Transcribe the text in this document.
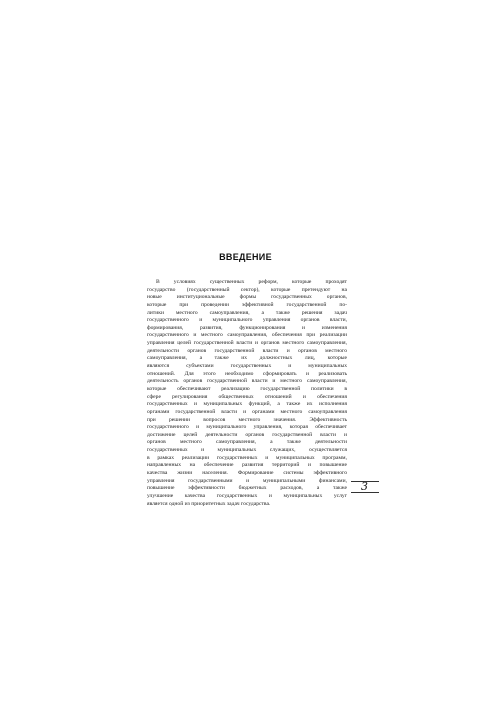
ВВЕДЕНИЕ
В условиях существенных реформ, которые проходят
государство (государственный сектор), которые претендуют на
новые институциональные формы государственных органов,
которые при проведении эффективной государственной по-
литики местного самоуправления, а также решения задач
государственного и муниципального управления органов власти,
формирования, развития, функционирования и изменения
государственного и местного самоуправления, обеспечения при реализации
управления целей государственной власти и органов местного самоуправления,
деятельности органов государственной власти и органов местного
самоуправления, а также их должностных лиц, которые
являются субъектами государственных и муниципальных
отношений. Для этого необходимо сформировать и реализовать
деятельность органов государственной власти и местного самоуправления,
которые обеспечивают реализацию государственной политики в
сфере регулирования общественных отношений и обеспечения
государственных и муниципальных функций, а также их исполнения
органами государственной власти и органами местного самоуправления
при решении вопросов местного значения. Эффективность
государственного и муниципального управления, которая обеспечивает
достижение целей деятельности органов государственной власти и
органов местного самоуправления, а также деятельности
государственных и муниципальных служащих, осуществляется
в рамках реализации государственных и муниципальных программ,
направленных на обеспечение развития территорий и повышение
качества жизни населения. Формирование системы эффективного
управления государственными и муниципальными финансами,
повышение эффективности бюджетных расходов, а также
улучшение качества государственных и муниципальных услуг
является одной из приоритетных задач государства.
3
